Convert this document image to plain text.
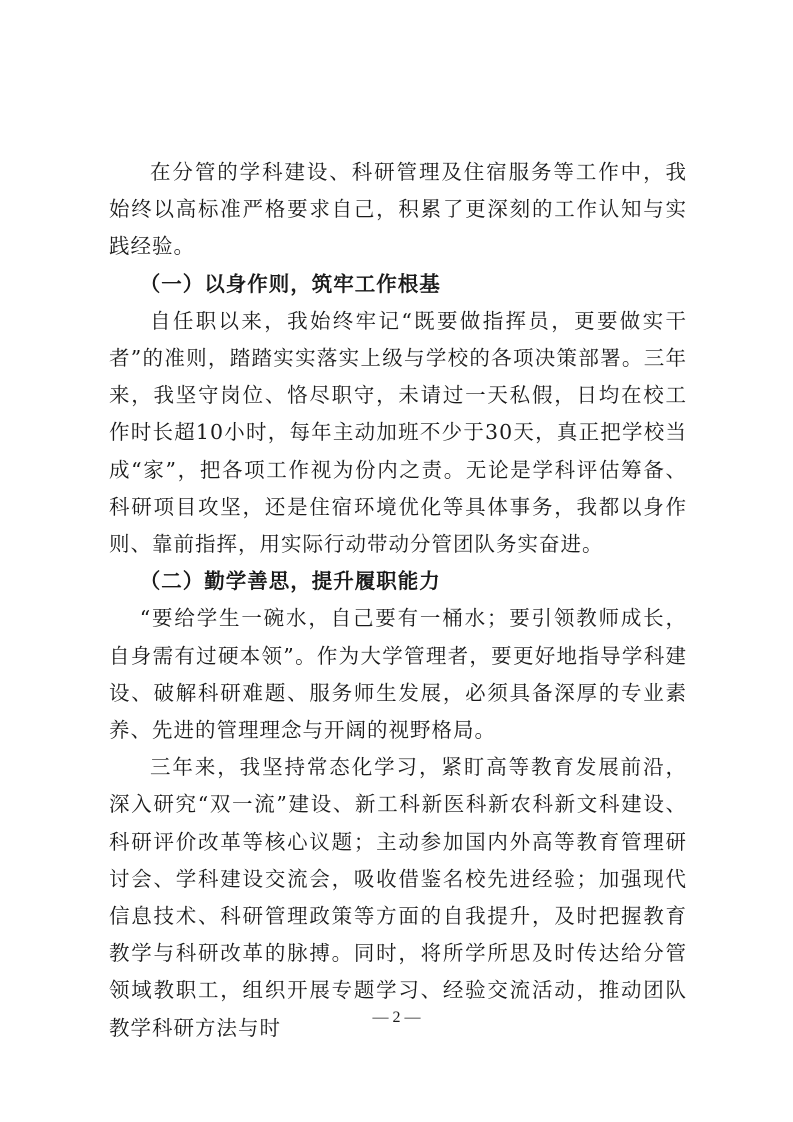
在分管的学科建设、科研管理及住宿服务等工作中，我始终以高标准严格要求自己，积累了更深刻的工作认知与实践经验。

（一）以身作则，筑牢工作根基

自任职以来，我始终牢记“既要做指挥员，更要做实干者”的准则，踏踏实实落实上级与学校的各项决策部署。三年来，我坚守岗位、恪尽职守，未请过一天私假，日均在校工作时长超10小时，每年主动加班不少于30天，真正把学校当成“家”，把各项工作视为份内之责。无论是学科评估筹备、科研项目攻坚，还是住宿环境优化等具体事务，我都以身作则、靠前指挥，用实际行动带动分管团队务实奋进。

（二）勤学善思，提升履职能力

“要给学生一碗水，自己要有一桶水；要引领教师成长，自身需有过硬本领”。作为大学管理者，要更好地指导学科建设、破解科研难题、服务师生发展，必须具备深厚的专业素养、先进的管理理念与开阔的视野格局。

三年来，我坚持常态化学习，紧盯高等教育发展前沿，深入研究“双一流”建设、新工科新医科新农科新文科建设、科研评价改革等核心议题；主动参加国内外高等教育管理研讨会、学科建设交流会，吸收借鉴名校先进经验；加强现代信息技术、科研管理政策等方面的自我提升，及时把握教育教学与科研改革的脉搏。同时，将所学所思及时传达给分管领域教职工，组织开展专题学习、经验交流活动，推动团队教学科研方法与时	— 2 —
